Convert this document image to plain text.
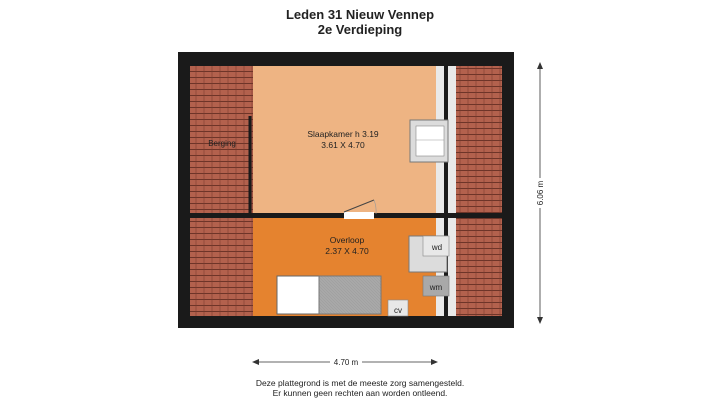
Leden 31 Nieuw Vennep
2e Verdieping
wd
wm
cv
Slaapkamer h 3.19
3.61 X 4.70
Overloop
2.37 X 4.70
Berging
6.06 m
4.70 m
Deze plattegrond is met de meeste zorg samengesteld.
Er kunnen geen rechten aan worden ontleend.
